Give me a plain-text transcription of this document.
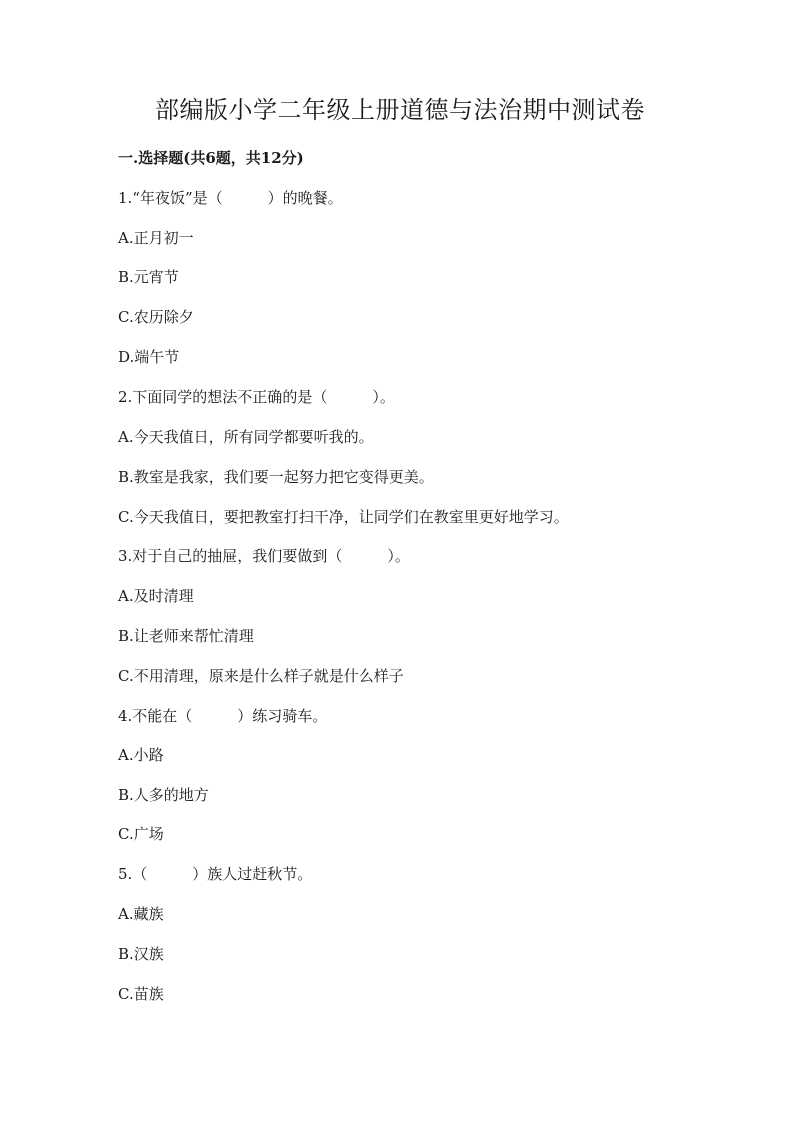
部编版小学二年级上册道德与法治期中测试卷
一.选择题(共6题，共12分)
1.“年夜饭”是（　　　）的晚餐。
A.正月初一
B.元宵节
C.农历除夕
D.端午节
2.下面同学的想法不正确的是（　　　）。
A.今天我值日，所有同学都要听我的。
B.教室是我家，我们要一起努力把它变得更美。
C.今天我值日，要把教室打扫干净，让同学们在教室里更好地学习。
3.对于自己的抽屉，我们要做到（　　　）。
A.及时清理
B.让老师来帮忙清理
C.不用清理，原来是什么样子就是什么样子
4.不能在（　　　）练习骑车。
A.小路
B.人多的地方
C.广场
5.（　　　）族人过赶秋节。
A.藏族
B.汉族
C.苗族
